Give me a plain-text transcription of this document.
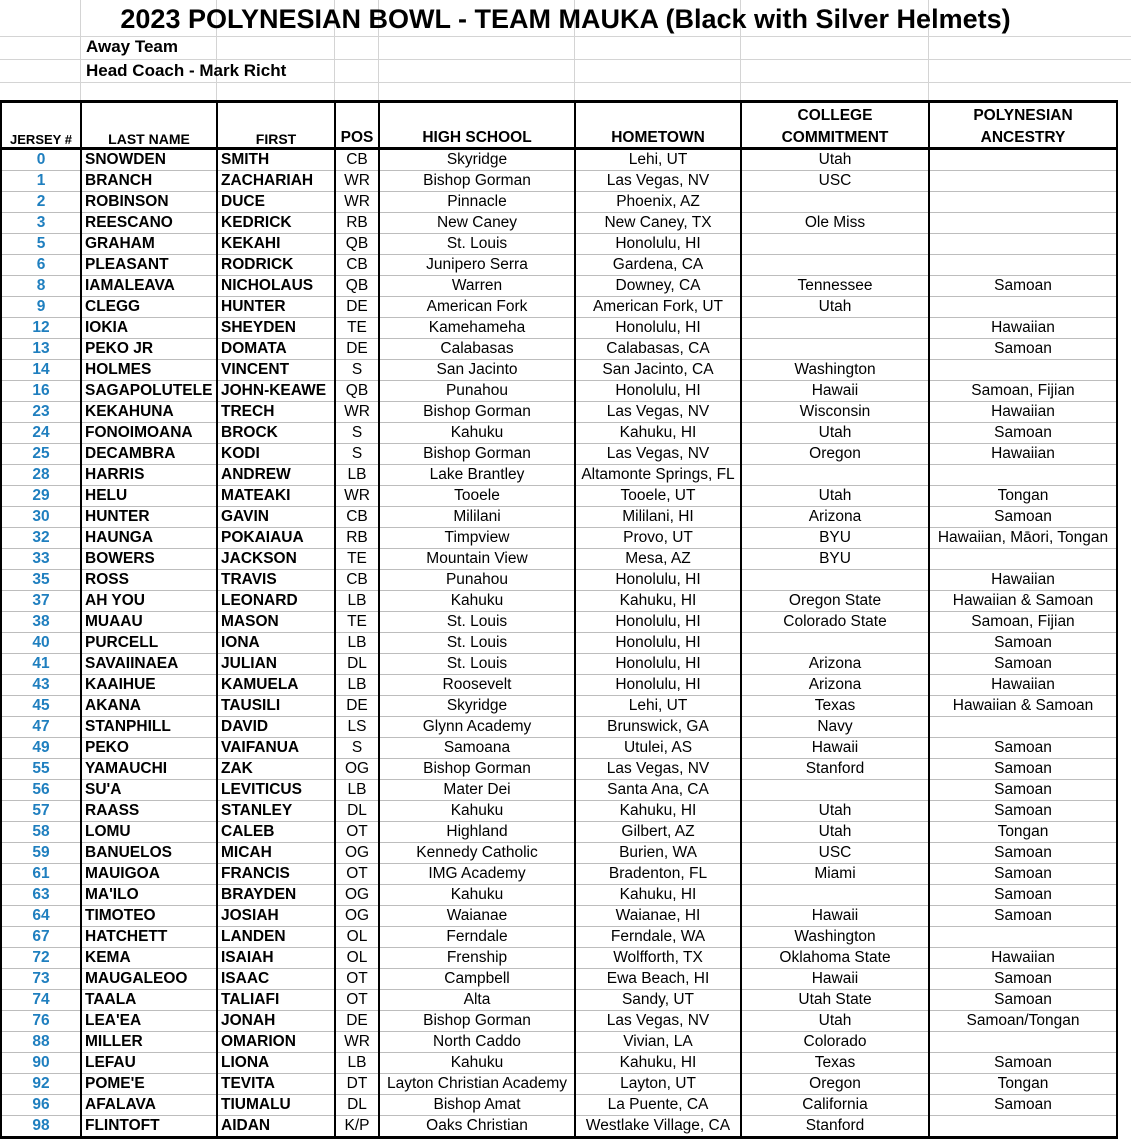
2023 POLYNESIAN BOWL - TEAM MAUKA (Black with Silver Helmets)
Away Team
Head Coach - Mark Richt
						COLLEGE	POLYNESIAN
JERSEY #	LAST NAME	FIRST	POS	HIGH SCHOOL	HOMETOWN	COMMITMENT	ANCESTRY
0	SNOWDEN	SMITH	CB	Skyridge	Lehi, UT	Utah	
1	BRANCH	ZACHARIAH	WR	Bishop Gorman	Las Vegas, NV	USC	
2	ROBINSON	DUCE	WR	Pinnacle	Phoenix, AZ		
3	REESCANO	KEDRICK	RB	New Caney	New Caney, TX	Ole Miss	
5	GRAHAM	KEKAHI	QB	St. Louis	Honolulu, HI		
6	PLEASANT	RODRICK	CB	Junipero Serra	Gardena, CA		
8	IAMALEAVA	NICHOLAUS	QB	Warren	Downey, CA	Tennessee	Samoan
9	CLEGG	HUNTER	DE	American Fork	American Fork, UT	Utah	
12	IOKIA	SHEYDEN	TE	Kamehameha	Honolulu, HI		Hawaiian
13	PEKO JR	DOMATA	DE	Calabasas	Calabasas, CA		Samoan
14	HOLMES	VINCENT	S	San Jacinto	San Jacinto, CA	Washington	
16	SAGAPOLUTELE	JOHN-KEAWE	QB	Punahou	Honolulu, HI	Hawaii	Samoan, Fijian
23	KEKAHUNA	TRECH	WR	Bishop Gorman	Las Vegas, NV	Wisconsin	Hawaiian
24	FONOIMOANA	BROCK	S	Kahuku	Kahuku, HI	Utah	Samoan
25	DECAMBRA	KODI	S	Bishop Gorman	Las Vegas, NV	Oregon	Hawaiian
28	HARRIS	ANDREW	LB	Lake Brantley	Altamonte Springs, FL		
29	HELU	MATEAKI	WR	Tooele	Tooele, UT	Utah	Tongan
30	HUNTER	GAVIN	CB	Mililani	Mililani, HI	Arizona	Samoan
32	HAUNGA	POKAIAUA	RB	Timpview	Provo, UT	BYU	Hawaiian, Māori, Tongan
33	BOWERS	JACKSON	TE	Mountain View	Mesa, AZ	BYU	
35	ROSS	TRAVIS	CB	Punahou	Honolulu, HI		Hawaiian
37	AH YOU	LEONARD	LB	Kahuku	Kahuku, HI	Oregon State	Hawaiian & Samoan
38	MUAAU	MASON	TE	St. Louis	Honolulu, HI	Colorado State	Samoan, Fijian
40	PURCELL	IONA	LB	St. Louis	Honolulu, HI		Samoan
41	SAVAIINAEA	JULIAN	DL	St. Louis	Honolulu, HI	Arizona	Samoan
43	KAAIHUE	KAMUELA	LB	Roosevelt	Honolulu, HI	Arizona	Hawaiian
45	AKANA	TAUSILI	DE	Skyridge	Lehi, UT	Texas	Hawaiian & Samoan
47	STANPHILL	DAVID	LS	Glynn Academy	Brunswick, GA	Navy	
49	PEKO	VAIFANUA	S	Samoana	Utulei, AS	Hawaii	Samoan
55	YAMAUCHI	ZAK	OG	Bishop Gorman	Las Vegas, NV	Stanford	Samoan
56	SU'A	LEVITICUS	LB	Mater Dei	Santa Ana, CA		Samoan
57	RAASS	STANLEY	DL	Kahuku	Kahuku, HI	Utah	Samoan
58	LOMU	CALEB	OT	Highland	Gilbert, AZ	Utah	Tongan
59	BANUELOS	MICAH	OG	Kennedy Catholic	Burien, WA	USC	Samoan
61	MAUIGOA	FRANCIS	OT	IMG Academy	Bradenton, FL	Miami	Samoan
63	MA'ILO	BRAYDEN	OG	Kahuku	Kahuku, HI		Samoan
64	TIMOTEO	JOSIAH	OG	Waianae	Waianae, HI	Hawaii	Samoan
67	HATCHETT	LANDEN	OL	Ferndale	Ferndale, WA	Washington	
72	KEMA	ISAIAH	OL	Frenship	Wolfforth, TX	Oklahoma State	Hawaiian
73	MAUGALEOO	ISAAC	OT	Campbell	Ewa Beach, HI	Hawaii	Samoan
74	TAALA	TALIAFI	OT	Alta	Sandy, UT	Utah State	Samoan
76	LEA'EA	JONAH	DE	Bishop Gorman	Las Vegas, NV	Utah	Samoan/Tongan
88	MILLER	OMARION	WR	North Caddo	Vivian, LA	Colorado	
90	LEFAU	LIONA	LB	Kahuku	Kahuku, HI	Texas	Samoan
92	POME'E	TEVITA	DT	Layton Christian Academy	Layton, UT	Oregon	Tongan
96	AFALAVA	TIUMALU	DL	Bishop Amat	La Puente, CA	California	Samoan
98	FLINTOFT	AIDAN	K/P	Oaks Christian	Westlake Village, CA	Stanford	
